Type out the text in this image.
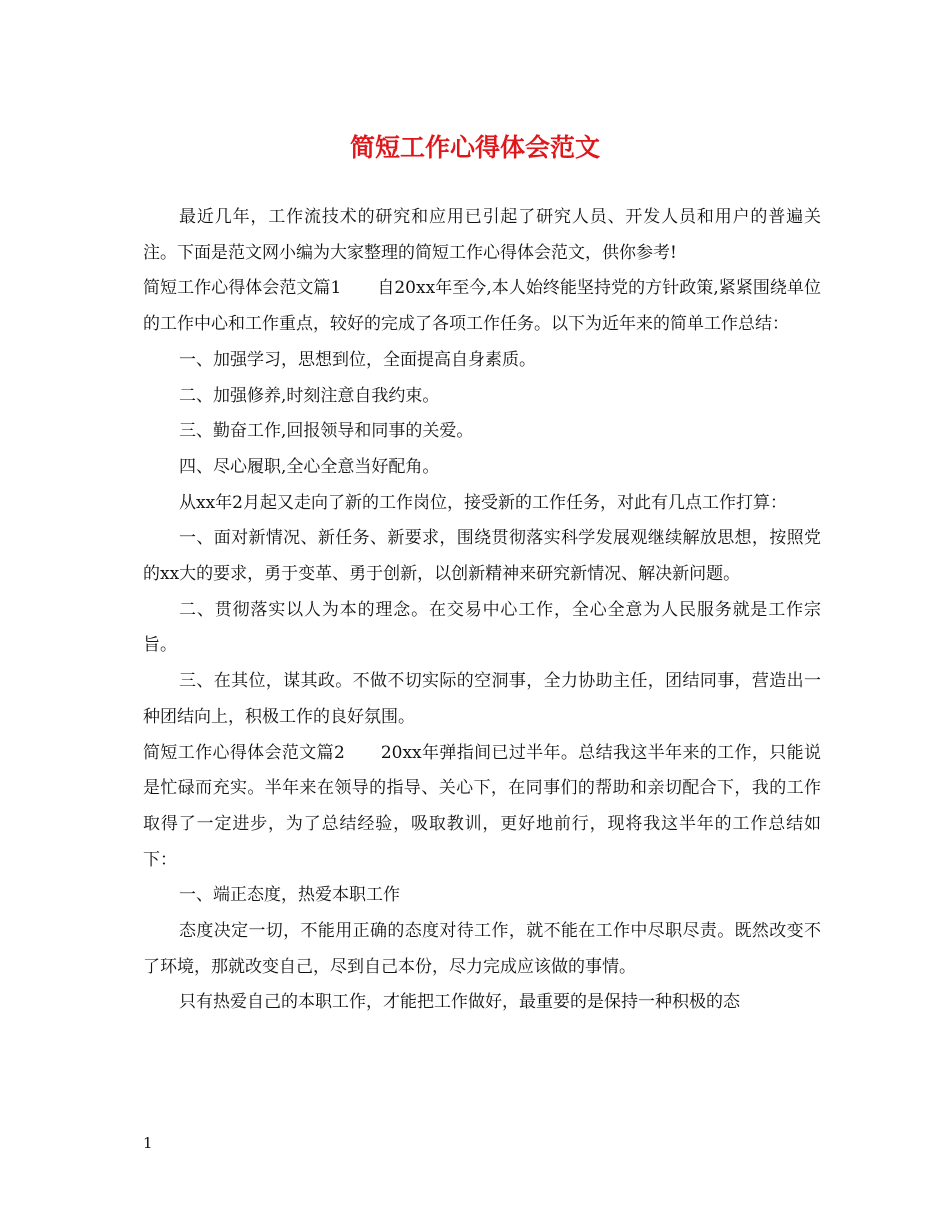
简短工作心得体会范文

最近几年，工作流技术的研究和应用已引起了研究人员、开发人员和用户的普遍关注。下面是范文网小编为大家整理的简短工作心得体会范文，供你参考!

简短工作心得体会范文篇1 自20xx年至今,本人始终能坚持党的方针政策,紧紧围绕单位的工作中心和工作重点，较好的完成了各项工作任务。以下为近年来的简单工作总结：

一、加强学习，思想到位，全面提高自身素质。

二、加强修养,时刻注意自我约束。

三、勤奋工作,回报领导和同事的关爱。

四、尽心履职,全心全意当好配角。

从xx年2月起又走向了新的工作岗位，接受新的工作任务，对此有几点工作打算：

一、面对新情况、新任务、新要求，围绕贯彻落实科学发展观继续解放思想，按照党的xx大的要求，勇于变革、勇于创新，以创新精神来研究新情况、解决新问题。

二、贯彻落实以人为本的理念。在交易中心工作，全心全意为人民服务就是工作宗旨。

三、在其位，谋其政。不做不切实际的空洞事，全力协助主任，团结同事，营造出一种团结向上，积极工作的良好氛围。

简短工作心得体会范文篇2 20xx年弹指间已过半年。总结我这半年来的工作，只能说是忙碌而充实。半年来在领导的指导、关心下，在同事们的帮助和亲切配合下，我的工作取得了一定进步，为了总结经验，吸取教训，更好地前行，现将我这半年的工作总结如下：

一、端正态度，热爱本职工作

态度决定一切，不能用正确的态度对待工作，就不能在工作中尽职尽责。既然改变不了环境，那就改变自己，尽到自己本份，尽力完成应该做的事情。

只有热爱自己的本职工作，才能把工作做好，最重要的是保持一种积极的态

1
